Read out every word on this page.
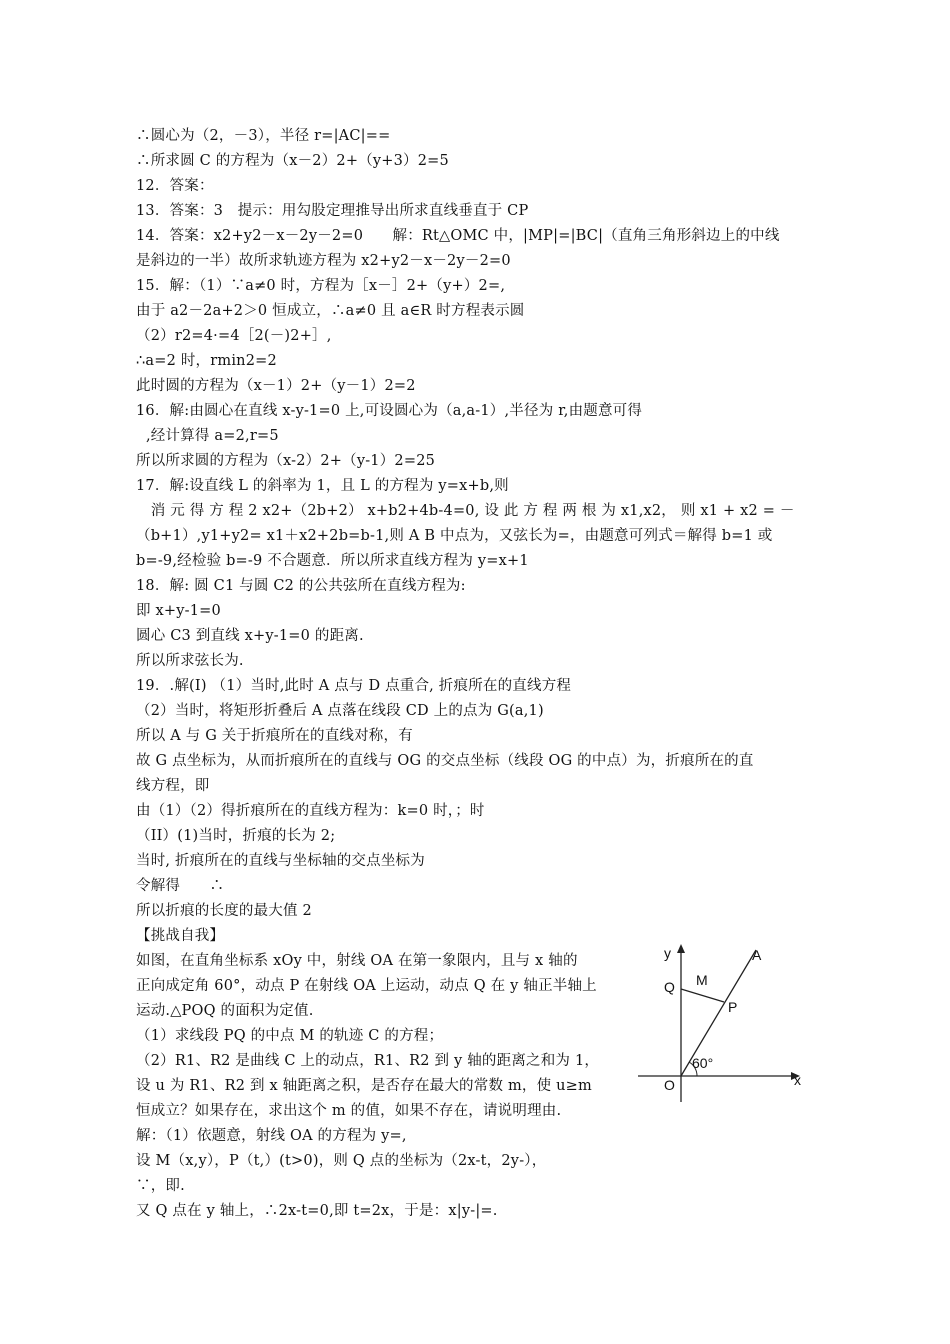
∴圆心为（2，－3），半径 r=|AC|==
∴所求圆 C 的方程为（x－2）2+（y+3）2=5
12．答案：
13．答案：3　提示：用勾股定理推导出所求直线垂直于 CP
14．答案：x2+y2－x－2y－2=0　　解：Rt△OMC 中，|MP|=|BC|（直角三角形斜边上的中线
是斜边的一半）故所求轨迹方程为 x2+y2－x－2y－2=0
15．解：（1）∵a≠0 时，方程为［x－］2+（y+）2=,
由于 a2－2a+2＞0 恒成立，∴a≠0 且 a∈R 时方程表示圆
（2）r2=4·=4［2(－)2+］,
∴a=2 时，rmin2=2
此时圆的方程为（x－1）2+（y－1）2=2
16．解:由圆心在直线 x-y-1=0 上,可设圆心为（a,a-1）,半径为 r,由题意可得
,经计算得 a=2,r=5
所以所求圆的方程为（x-2）2+（y-1）2=25
17．解:设直线 L 的斜率为 1，且 L 的方程为 y=x+b,则
　消 元 得 方 程 2 x2+（2b+2） x+b2+4b-4=0, 设 此 方 程 两 根 为 x1,x2， 则 x1 + x2 = －
（b+1）,y1+y2= x1＋x2+2b=b-1,则 A B 中点为，又弦长为=，由题意可列式＝解得 b=1 或
b=-9,经检验 b=-9 不合题意．所以所求直线方程为 y=x+1
18．解: 圆 C1 与圆 C2 的公共弦所在直线方程为:
即 x+y-1=0
圆心 C3 到直线 x+y-1=0 的距离.
所以所求弦长为.
19．.解(I) （1）当时,此时 A 点与 D 点重合, 折痕所在的直线方程
（2）当时，将矩形折叠后 A 点落在线段 CD 上的点为 G(a,1)
所以 A 与 G 关于折痕所在的直线对称，有
故 G 点坐标为，从而折痕所在的直线与 OG 的交点坐标（线段 OG 的中点）为，折痕所在的直
线方程，即
由（1）（2）得折痕所在的直线方程为：k=0 时，；时
（II）(1)当时，折痕的长为 2;
当时, 折痕所在的直线与坐标轴的交点坐标为
令解得　　∴
所以折痕的长度的最大值 2
【挑战自我】
如图，在直角坐标系 xOy 中，射线 OA 在第一象限内，且与 x 轴的
正向成定角 60°，动点 P 在射线 OA 上运动，动点 Q 在 y 轴正半轴上
运动.△POQ 的面积为定值.
（1）求线段 PQ 的中点 M 的轨迹 C 的方程；
（2）R1、R2 是曲线 C 上的动点，R1、R2 到 y 轴的距离之和为 1，
设 u 为 R1、R2 到 x 轴距离之积，是否存在最大的常数 m，使 u≥m
恒成立？如果存在，求出这个 m 的值，如果不存在，请说明理由.
解：（1）依题意，射线 OA 的方程为 y=,
设 M（x,y），P（t,）(t>0)，则 Q 点的坐标为（2x-t，2y-），
∵，即.
又 Q 点在 y 轴上，∴2x-t=0,即 t=2x，于是：x|y-|=.
y
x
O
A
Q M
P
60°
